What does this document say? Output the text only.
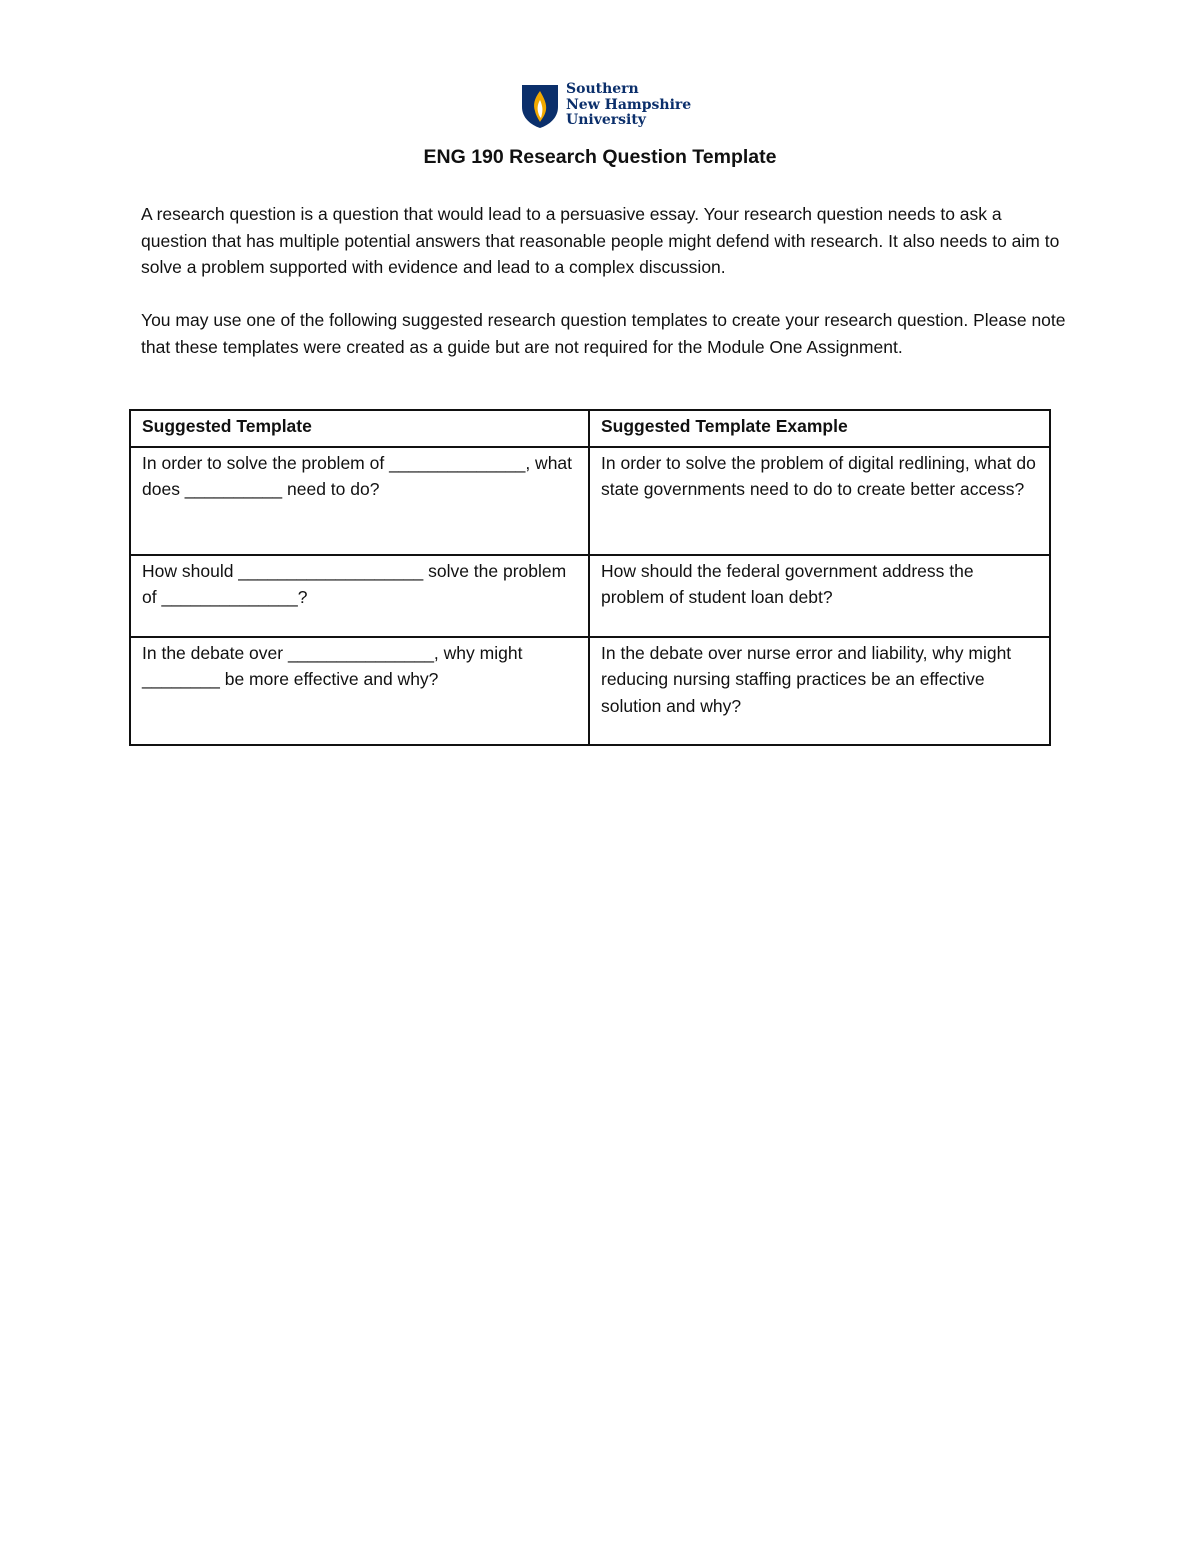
Southern
New Hampshire
University
ENG 190 Research Question Template

A research question is a question that would lead to a persuasive essay. Your research question needs to ask a question that has multiple potential answers that reasonable people might defend with research. It also needs to aim to solve a problem supported with evidence and lead to a complex discussion.

You may use one of the following suggested research question templates to create your research question. Please note that these templates were created as a guide but are not required for the Module One Assignment.

Suggested Template	Suggested Template Example
In order to solve the problem of ______________, what does __________ need to do?	In order to solve the problem of digital redlining, what do state governments need to do to create better access?
How should ___________________ solve the problem of ______________?	How should the federal government address the problem of student loan debt?
In the debate over _______________, why might ________ be more effective and why?	In the debate over nurse error and liability, why might reducing nursing staffing practices be an effective solution and why?
